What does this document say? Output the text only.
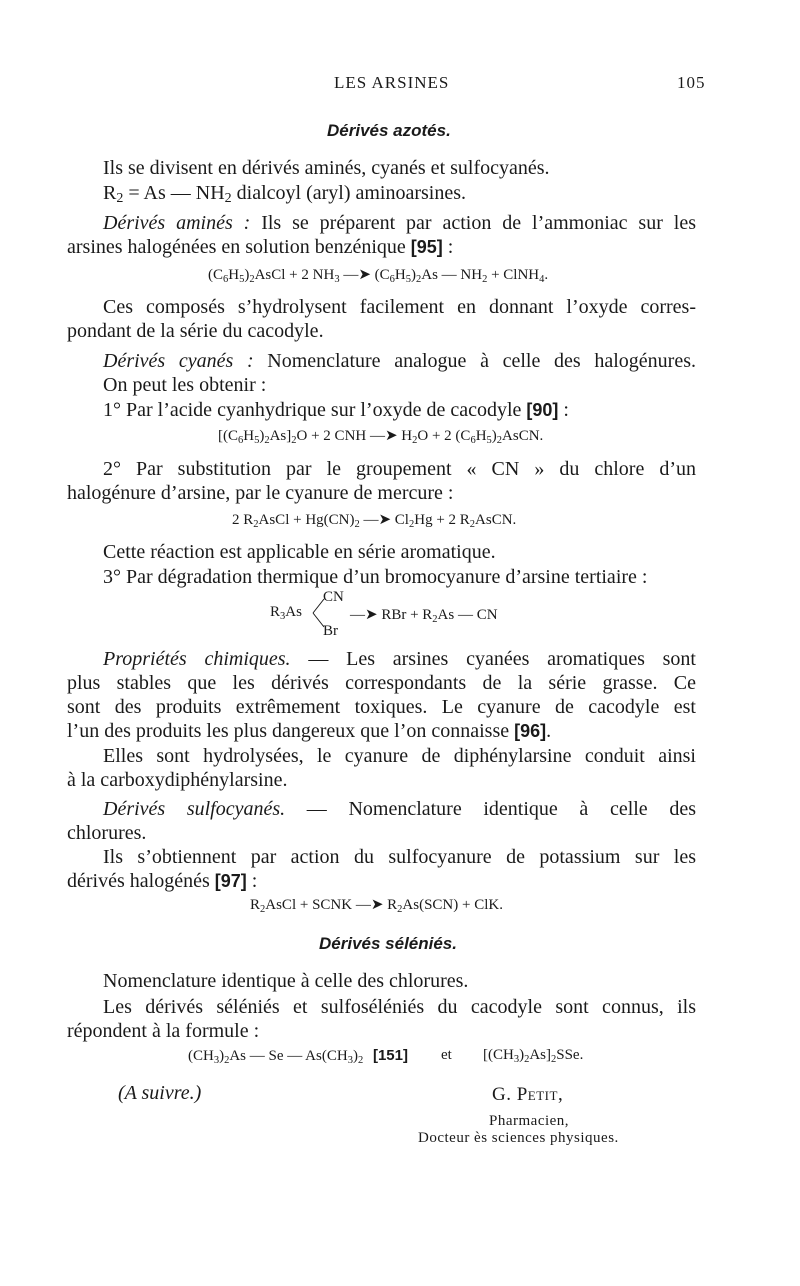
LES ARSINES	105
Dérivés azotés.
Ils se divisent en dérivés aminés, cyanés et sulfocyanés.
$R_2 = As$ — $NH_2$ dialcoyl (aryl) aminoarsines.
Dérivés aminés : Ils se préparent par action de l’ammoniac sur les
arsines halogénées en solution benzénique [95] :
$(C_6H_5)_2AsCl + 2$ $NH_3$ —➤ $(C_6H_5)_2As$ — $NH_2$ + ClNH$_4$.
Ces composés s’hydrolysent facilement en donnant l’oxyde corres-
pondant de la série du cacodyle.
Dérivés cyanés : Nomenclature analogue à celle des halogénures.
On peut les obtenir :
1° Par l’acide cyanhydrique sur l’oxyde de cacodyle [90] :
$[(C_6H_5)_2As]_2O + 2$ CNH —➤ $H_2O + 2$ $(C_6H_5)_2AsCN$.
2° Par substitution par le groupement « CN » du chlore d’un
halogénure d’arsine, par le cyanure de mercure :
2 $R_2AsCl + Hg(CN)_2$ —➤ $Cl_2Hg + 2$ $R_2AsCN$.
Cette réaction est applicable en série aromatique.
3° Par dégradation thermique d’un bromocyanure d’arsine tertiaire :
$R_3As$
CN
Br
—➤ RBr + $R_2As$ — CN
Propriétés chimiques. — Les arsines cyanées aromatiques sont
plus stables que les dérivés correspondants de la série grasse. Ce
sont des produits extrêmement toxiques. Le cyanure de cacodyle est
l’un des produits les plus dangereux que l’on connaisse [96].
Elles sont hydrolysées, le cyanure de diphénylarsine conduit ainsi
à la carboxydiphénylarsine.
Dérivés sulfocyanés. — Nomenclature identique à celle des
chlorures.
Ils s’obtiennent par action du sulfocyanure de potassium sur les
dérivés halogénés [97] :
$R_2AsCl$ + SCNK —➤ $R_2As(SCN)$ + ClK.
Dérivés séléniés.
Nomenclature identique à celle des chlorures.
Les dérivés séléniés et sulfoséléniés du cacodyle sont connus, ils
répondent à la formule :
$(CH_3)_2As$ — Se — $As(CH_3)_2$ [151] et $[(CH_3)_2As]_2SSe$.
(A suivre.)	G. Petit,
Pharmacien,
Docteur ès sciences physiques.
